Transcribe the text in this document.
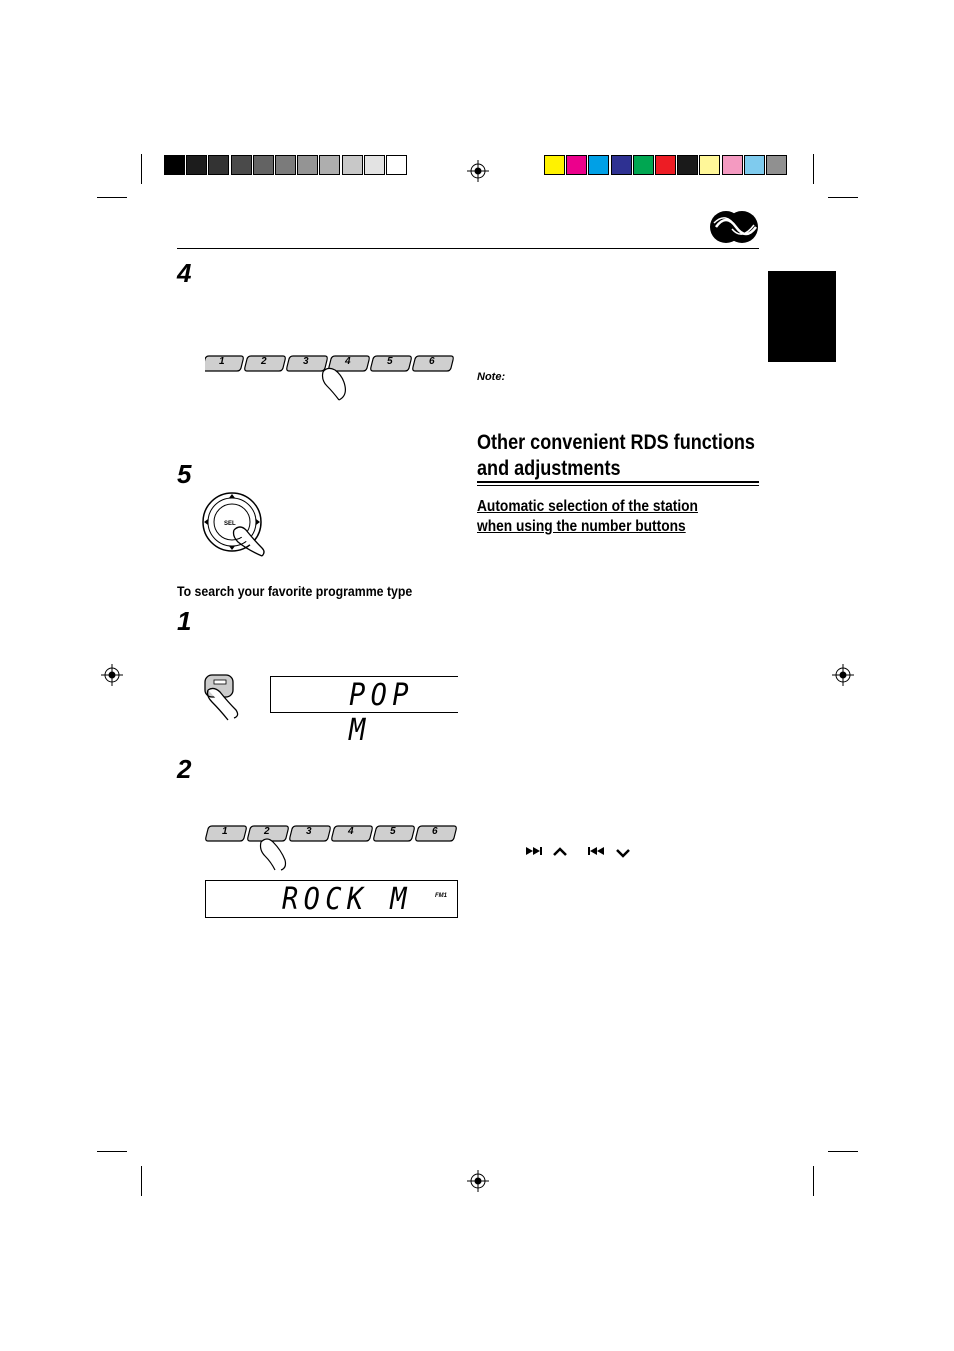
4
1	2	3	4	5	6
Note:
5
SEL
To search your favorite programme type
1
POP M
Other convenient RDS functions
and adjustments
Automatic selection of the station
when using the number buttons
2
1	2	3	4	5	6
ROCK M	FM1
